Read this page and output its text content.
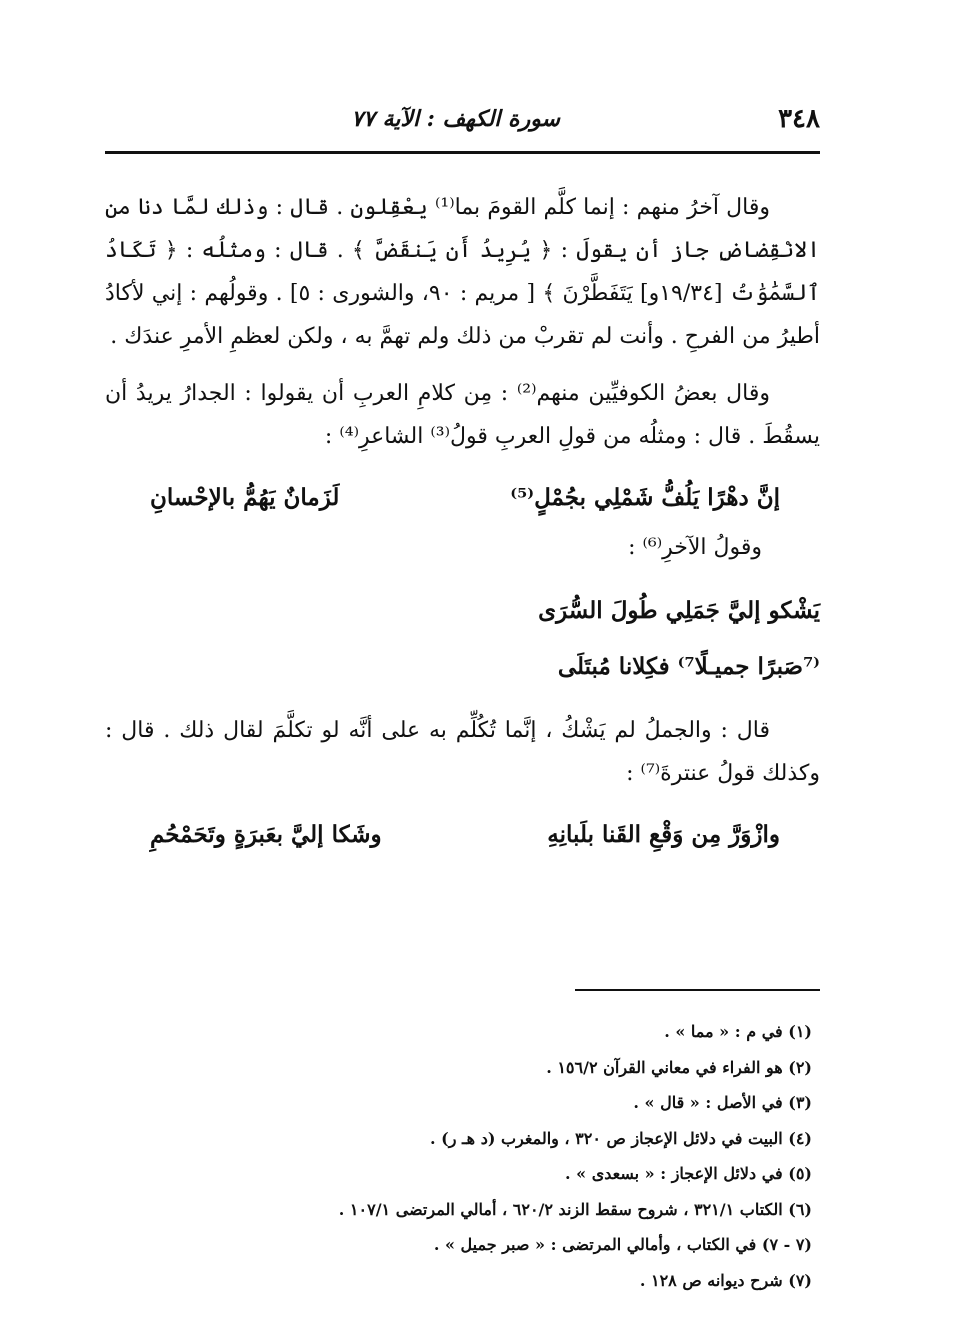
٣٤٨
سورة الكهف : الآية ٧٧

وقال آخرُ منهم : إنما كلَّم القومَ بما⁽¹⁾ يعْقِلون . قال : وذلك لمَّا دنا من الانْقِضاضِ جاز أن يقولَ : ﴿ يُرِيدُ أَن يَنقَضَّ ﴾ . قال : ومثلُه : ﴿ تَكَادُ ٱلسَّمَٰوَٰتُ [١٩/٣٤و] يَتَفَطَّرْنَ ﴾ [ مريم : ٩٠، والشورى : ٥] . وقولُهم : إني لأكادُ أطيرُ من الفرحِ . وأنت لم تقربْ من ذلك ولم تهمَّ به ، ولكن لعظمِ الأمرِ عندَك .

وقال بعضُ الكوفيِّين منهم⁽²⁾ : مِن كلامِ العربِ أن يقولوا : الجدارُ يريدُ أن يسقُطَ . قال : ومثلُه من قولِ العربِ قولُ⁽³⁾ الشاعرِ⁽⁴⁾ :

إنَّ دهْرًا يَلُفُّ شَمْلِي بجُمْلٍ⁽⁵⁾
لَزَمانٌ يَهُمُّ بالإحْسانِ

وقولُ الآخرِ⁽⁶⁾ :

يَشْكو إليَّ جَمَلِي طُولَ السُّرَى
⁽⁷صَبرًا جميـلًا⁷⁾ فكِلانا مُبتَلَى

قال : والجملُ لم يَشْكُ ، إنَّما تُكُلِّم به على أنَّه لو تكلَّمَ لقال ذلك . قال : وكذلك قولُ عنترةَ⁽⁷⁾ :

وازْوَرَّ مِن وَقْعِ القَنا بلَبانِهِ
وشَكا إليَّ بعَبرَةٍ وتَحَمْحُمِ
(١) في م : « مما » .
(٢) هو الفراء في معاني القرآن ١٥٦/٢ .
(٣) في الأصل : « قال » .
(٤) البيت في دلائل الإعجاز ص ٣٢٠ ، والمغرب (د هـ ر) .
(٥) في دلائل الإعجاز : « بسعدى » .
(٦) الكتاب ٣٢١/١ ، شروح سقط الزند ٦٢٠/٢ ، أمالي المرتضى ١٠٧/١ .
(٧ - ٧) في الكتاب ، وأمالي المرتضى : « صبر جميل » .
(٧) شرح ديوانه ص ١٢٨ .
